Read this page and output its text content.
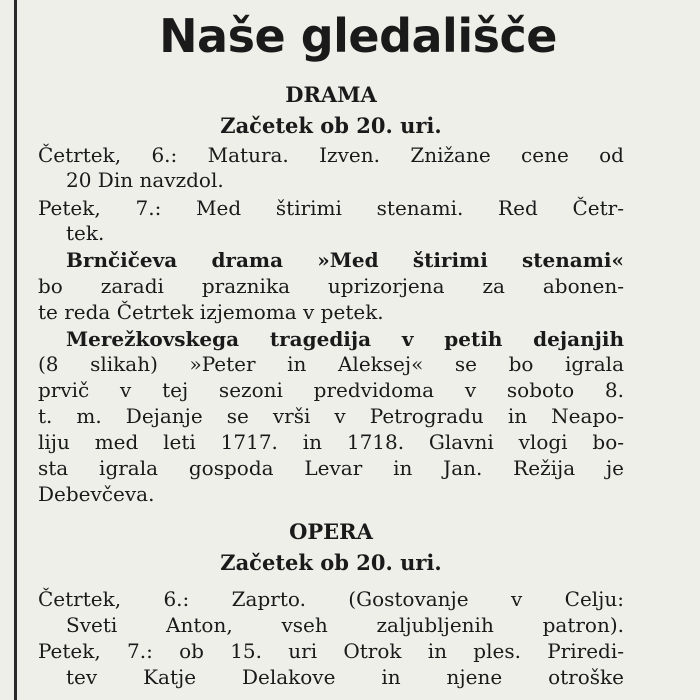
Naše gledališče
DRAMA
Začetek ob 20. uri.
Četrtek, 6.: Matura. Izven. Znižane cene od
20 Din navzdol.
Petek, 7.: Med štirimi stenami. Red Četr-
tek.
Brnčičeva drama »Med štirimi stenami«
bo zaradi praznika uprizorjena za abonen-
te reda Četrtek izjemoma v petek.
Merežkovskega tragedija v petih dejanjih
(8 slikah) »Peter in Aleksej« se bo igrala
prvič v tej sezoni predvidoma v soboto 8.
t. m. Dejanje se vrši v Petrogradu in Neapo-
liju med leti 1717. in 1718. Glavni vlogi bo-
sta igrala gospoda Levar in Jan. Režija je
Debevčeva.
OPERA
Začetek ob 20. uri.
Četrtek, 6.: Zaprto. (Gostovanje v Celju:
Sveti Anton, vseh zaljubljenih patron).
Petek, 7.: ob 15. uri Otrok in ples. Priredi-
tev Katje Delakove in njene otroške
